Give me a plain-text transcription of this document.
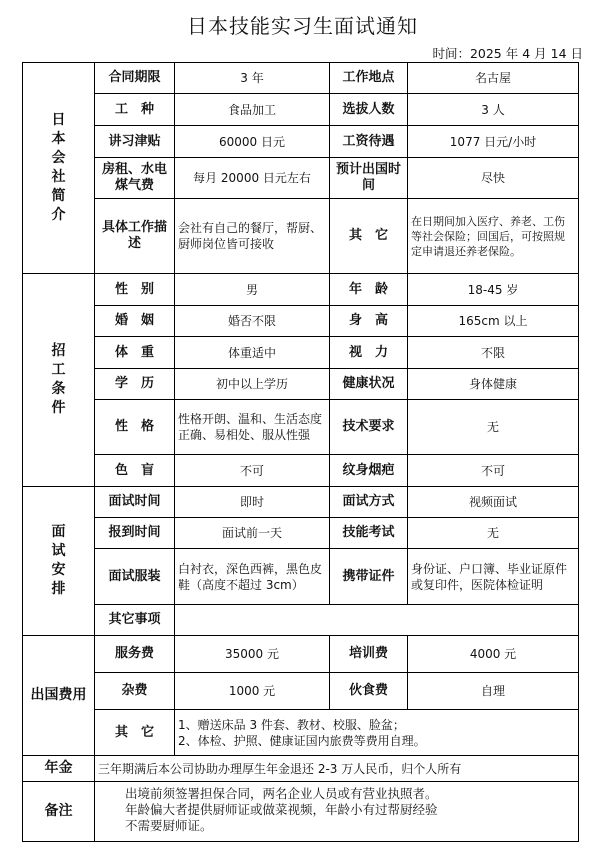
日本技能实习生面试通知
时间：2025 年 4 月 14 日
日本会社简介	合同期限	3 年	工作地点	名古屋
	工　种	食品加工	选拔人数	3 人
	讲习津贴	60000 日元	工资待遇	1077 日元/小时
	房租、水电煤气费	每月 20000 日元左右	预计出国时间	尽快
	具体工作描述	会社有自己的餐厅，帮厨、厨师岗位皆可接收	其　它	在日期间加入医疗、养老、工伤等社会保险；回国后，可按照规定申请退还养老保险。
招工条件	性　别	男	年　龄	18-45 岁
	婚　姻	婚否不限	身　高	165cm 以上
	体　重	体重适中	视　力	不限
	学　历	初中以上学历	健康状况	身体健康
	性　格	性格开朗、温和、生活态度正确、易相处、服从性强	技术要求	无
	色　盲	不可	纹身烟疤	不可
面试安排	面试时间	即时	面试方式	视频面试
	报到时间	面试前一天	技能考试	无
	面试服装	白衬衣，深色西裤，黑色皮鞋（高度不超过 3cm）	携带证件	身份证、户口簿、毕业证原件或复印件，医院体检证明
	其它事项			
出国费用	服务费	35000 元	培训费	4000 元
	杂费	1000 元	伙食费	自理
	其　它	1、赠送床品 3 件套、教材、校服、脸盆；
2、体检、护照、健康证国内旅费等费用自理。		

年金	三年期满后本公司协助办理厚生年金退还 2-3 万人民币，归个人所有			
备注	出境前须签署担保合同，两名企业人员或有营业执照者。
年龄偏大者提供厨师证或做菜视频，年龄小有过帮厨经验
不需要厨师证。			
